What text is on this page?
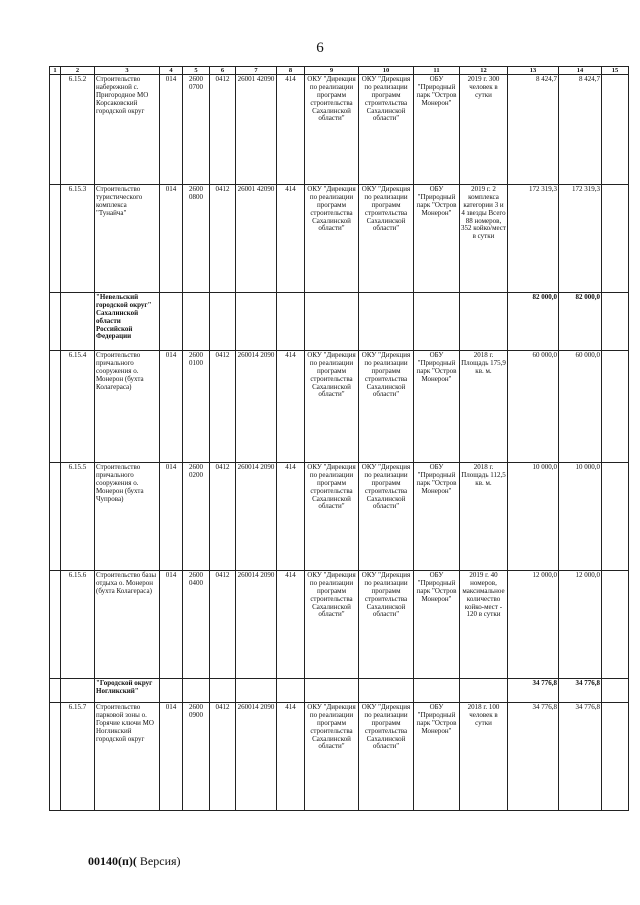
6
1	2	3	4	5	6	7	8	9	10	11	12	13	14	15
	6.15.2	Строительство набережной с. Пригородное МО Корсаковский городской округ	014	2600 0700	0412	26001 42090	414	ОКУ "Дирекция по реализации программ строительства Сахалинской области"	ОКУ "Дирекция по реализации программ строительства Сахалинской области"	ОБУ "Природный парк "Остров Монерон"	2019 г. 300 человек в сутки	8 424,7	8 424,7	
	6.15.3	Строительство туристического комплекса "Тунайча"	014	2600 0800	0412	26001 42090	414	ОКУ "Дирекция по реализации программ строительства Сахалинской области"	ОКУ "Дирекция по реализации программ строительства Сахалинской области"	ОБУ "Природный парк "Остров Монерон"	2019 г. 2 комплекса категории 3 и 4 звезды Всего 88 номеров, 352 койко/мест в сутки	172 319,3	172 319,3	
		"Невельский городской округ" Сахалинской области Российской Федерации										82 000,0	82 000,0	
	6.15.4	Строительство причального сооружения о. Монерон (бухта Колагераса)	014	2600 0100	0412	260014 2090	414	ОКУ "Дирекция по реализации программ строительства Сахалинской области"	ОКУ "Дирекция по реализации программ строительства Сахалинской области"	ОБУ "Природный парк "Остров Монерон"	2018 г. Площадь 175,9 кв. м.	60 000,0	60 000,0	
	6.15.5	Строительство причального сооружения о. Монерон (бухта Чупрова)	014	2600 0200	0412	260014 2090	414	ОКУ "Дирекция по реализации программ строительства Сахалинской области"	ОКУ "Дирекция по реализации программ строительства Сахалинской области"	ОБУ "Природный парк "Остров Монерон"	2018 г. Площадь 112,5 кв. м.	10 000,0	10 000,0	
	6.15.6	Строительство базы отдыха о. Монерон (бухта Колагераса)	014	2600 0400	0412	260014 2090	414	ОКУ "Дирекция по реализации программ строительства Сахалинской области"	ОКУ "Дирекция по реализации программ строительства Сахалинской области"	ОБУ "Природный парк "Остров Монерон"	2019 г. 40 номеров, максимальное количество койко-мест - 120 в сутки	12 000,0	12 000,0	
		"Городской округ Ногликский"										34 776,8	34 776,8	
	6.15.7	Строительство парковой зоны о. Горячие ключи МО Ногликский городской округ	014	2600 0900	0412	260014 2090	414	ОКУ "Дирекция по реализации программ строительства Сахалинской области"	ОКУ "Дирекция по реализации программ строительства Сахалинской области"	ОБУ "Природный парк "Остров Монерон"	2018 г. 100 человек в сутки	34 776,8	34 776,8	
00140(п)( Версия)
